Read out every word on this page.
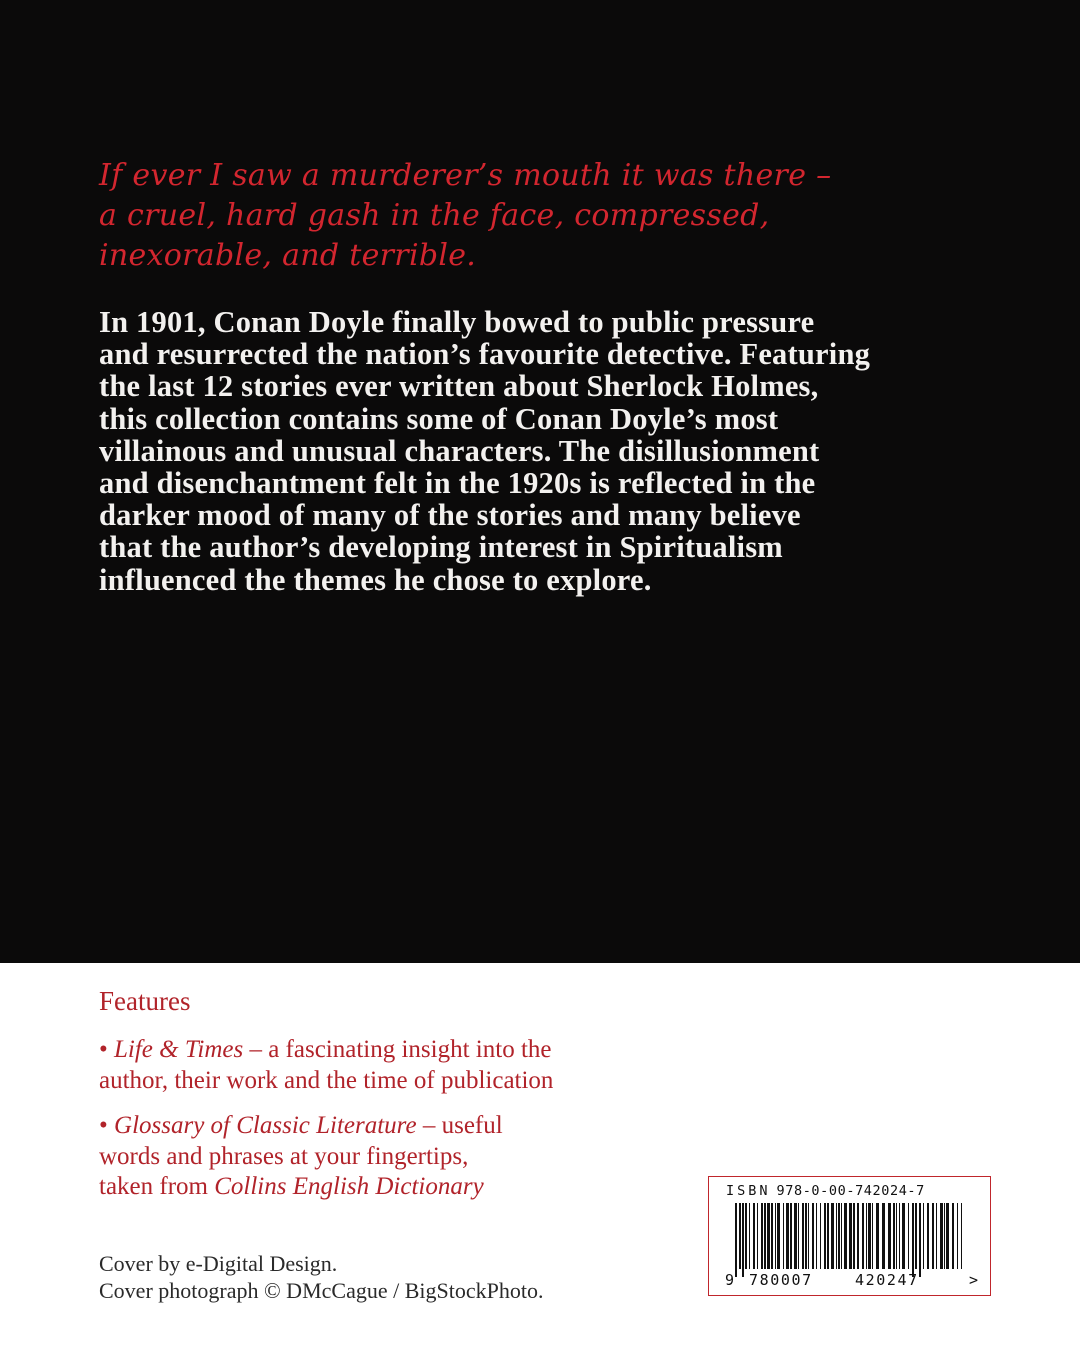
If ever I saw a murderer’s mouth it was there –
a cruel, hard gash in the face, compressed,
inexorable, and terrible.

In 1901, Conan Doyle finally bowed to public pressure
and resurrected the nation’s favourite detective. Featuring
the last 12 stories ever written about Sherlock Holmes,
this collection contains some of Conan Doyle’s most
villainous and unusual characters. The disillusionment
and disenchantment felt in the 1920s is reflected in the
darker mood of many of the stories and many believe
that the author’s developing interest in Spiritualism
influenced the themes he chose to explore.

Features

• Life & Times – a fascinating insight into the
author, their work and the time of publication

• Glossary of Classic Literature – useful
words and phrases at your fingertips,
taken from Collins English Dictionary

Cover by e-Digital Design.
Cover photograph © DMcCague / BigStockPhoto.

ISBN 978-0-00-742024-7
9 780007	420247	>
